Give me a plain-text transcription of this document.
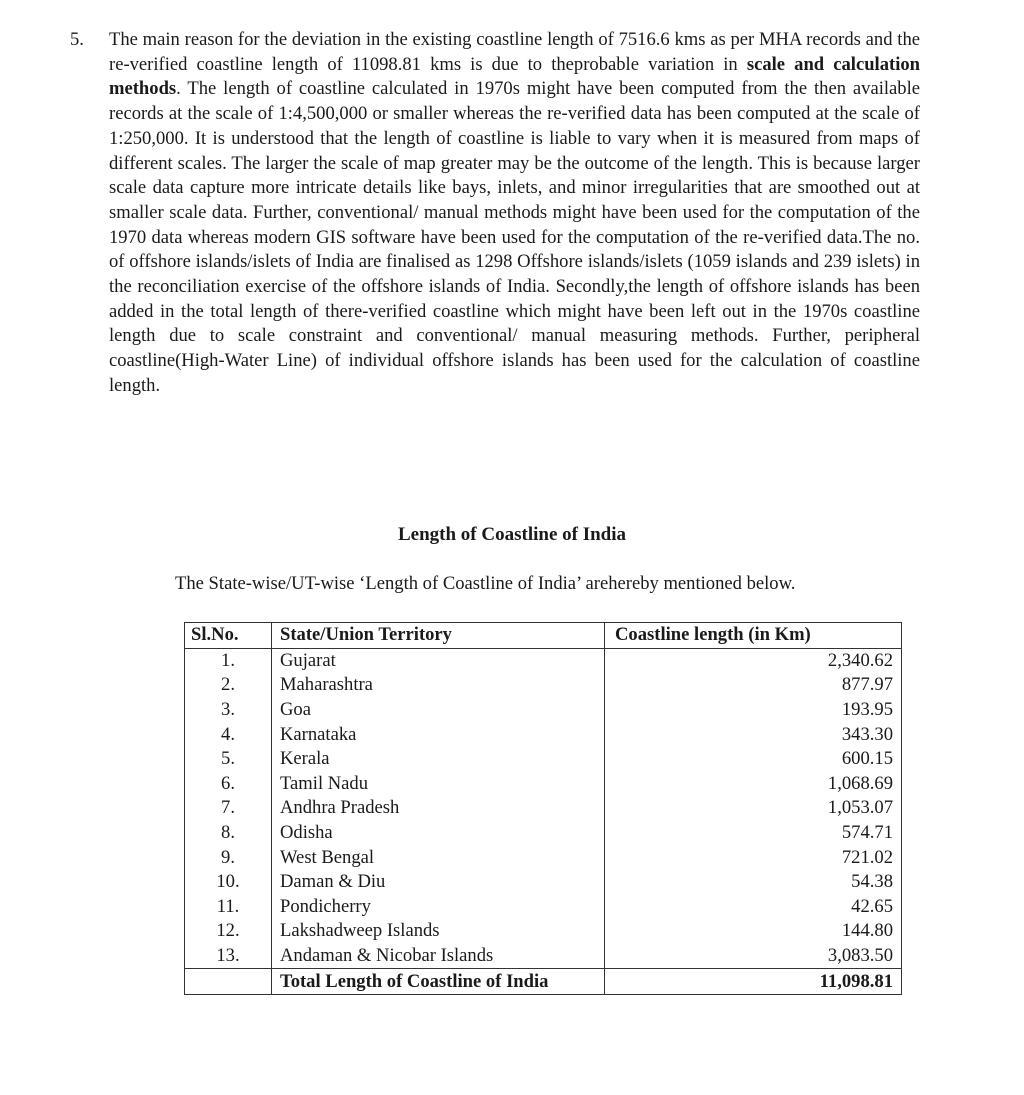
5. The main reason for the deviation in the existing coastline length of 7516.6 kms as per MHA records and the re-verified coastline length of 11098.81 kms is due to theprobable variation in scale and calculation methods. The length of coastline calculated in 1970s might have been computed from the then available records at the scale of 1:4,500,000 or smaller whereas the re-verified data has been computed at the scale of 1:250,000. It is understood that the length of coastline is liable to vary when it is measured from maps of different scales. The larger the scale of map greater may be the outcome of the length. This is because larger scale data capture more intricate details like bays, inlets, and minor irregularities that are smoothed out at smaller scale data. Further, conventional/ manual methods might have been used for the computation of the 1970 data whereas modern GIS software have been used for the computation of the re-verified data.The no. of offshore islands/islets of India are finalised as 1298 Offshore islands/islets (1059 islands and 239 islets) in the reconciliation exercise of the offshore islands of India. Secondly,the length of offshore islands has been added in the total length of there-verified coastline which might have been left out in the 1970s coastline length due to scale constraint and conventional/ manual measuring methods. Further, peripheral coastline(High-Water Line) of individual offshore islands has been used for the calculation of coastline length.
Length of Coastline of India
The State-wise/UT-wise ‘Length of Coastline of India’ arehereby mentioned below.
Sl.No.	State/Union Territory	Coastline length (in Km)
1.	Gujarat	2,340.62
2.	Maharashtra	877.97
3.	Goa	193.95
4.	Karnataka	343.30
5.	Kerala	600.15
6.	Tamil Nadu	1,068.69
7.	Andhra Pradesh	1,053.07
8.	Odisha	574.71
9.	West Bengal	721.02
10.	Daman & Diu	54.38
11.	Pondicherry	42.65
12.	Lakshadweep Islands	144.80
13.	Andaman & Nicobar Islands	3,083.50
	Total Length of Coastline of India	11,098.81
